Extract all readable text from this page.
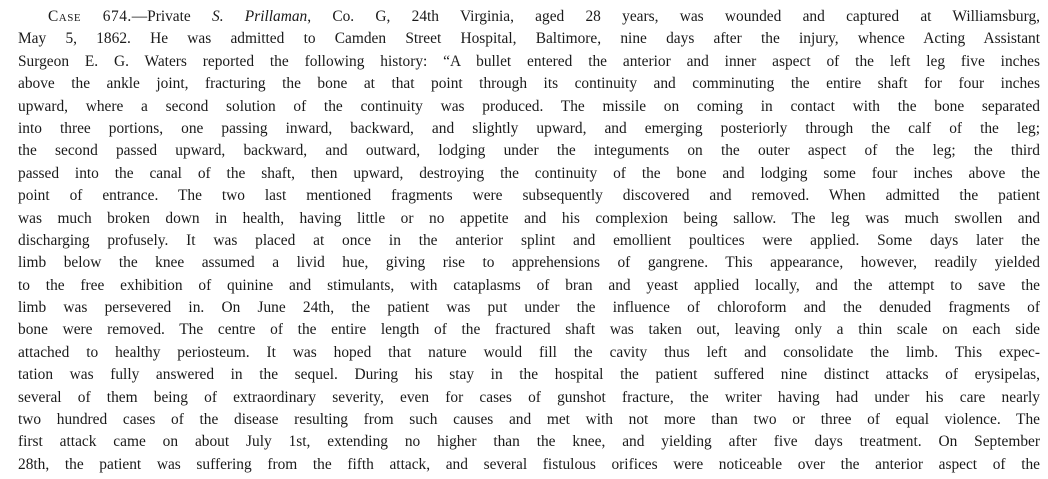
Case 674.—Private S. Prillaman, Co. G, 24th Virginia, aged 28 years, was wounded and captured at Williamsburg,
May 5, 1862. He was admitted to Camden Street Hospital, Baltimore, nine days after the injury, whence Acting Assistant
Surgeon E. G. Waters reported the following history: “A bullet entered the anterior and inner aspect of the left leg five inches
above the ankle joint, fracturing the bone at that point through its continuity and comminuting the entire shaft for four inches
upward, where a second solution of the continuity was produced. The missile on coming in contact with the bone separated
into three portions, one passing inward, backward, and slightly upward, and emerging posteriorly through the calf of the leg;
the second passed upward, backward, and outward, lodging under the integuments on the outer aspect of the leg; the third
passed into the canal of the shaft, then upward, destroying the continuity of the bone and lodging some four inches above the
point of entrance. The two last mentioned fragments were subsequently discovered and removed. When admitted the patient
was much broken down in health, having little or no appetite and his complexion being sallow. The leg was much swollen and
discharging profusely. It was placed at once in the anterior splint and emollient poultices were applied. Some days later the
limb below the knee assumed a livid hue, giving rise to apprehensions of gangrene. This appearance, however, readily yielded
to the free exhibition of quinine and stimulants, with cataplasms of bran and yeast applied locally, and the attempt to save the
limb was persevered in. On June 24th, the patient was put under the influence of chloroform and the denuded fragments of
bone were removed. The centre of the entire length of the fractured shaft was taken out, leaving only a thin scale on each side
attached to healthy periosteum. It was hoped that nature would fill the cavity thus left and consolidate the limb. This expec-
tation was fully answered in the sequel. During his stay in the hospital the patient suffered nine distinct attacks of erysipelas,
several of them being of extraordinary severity, even for cases of gunshot fracture, the writer having had under his care nearly
two hundred cases of the disease resulting from such causes and met with not more than two or three of equal violence. The
first attack came on about July 1st, extending no higher than the knee, and yielding after five days treatment. On September
28th, the patient was suffering from the fifth attack, and several fistulous orifices were noticeable over the anterior aspect of the
